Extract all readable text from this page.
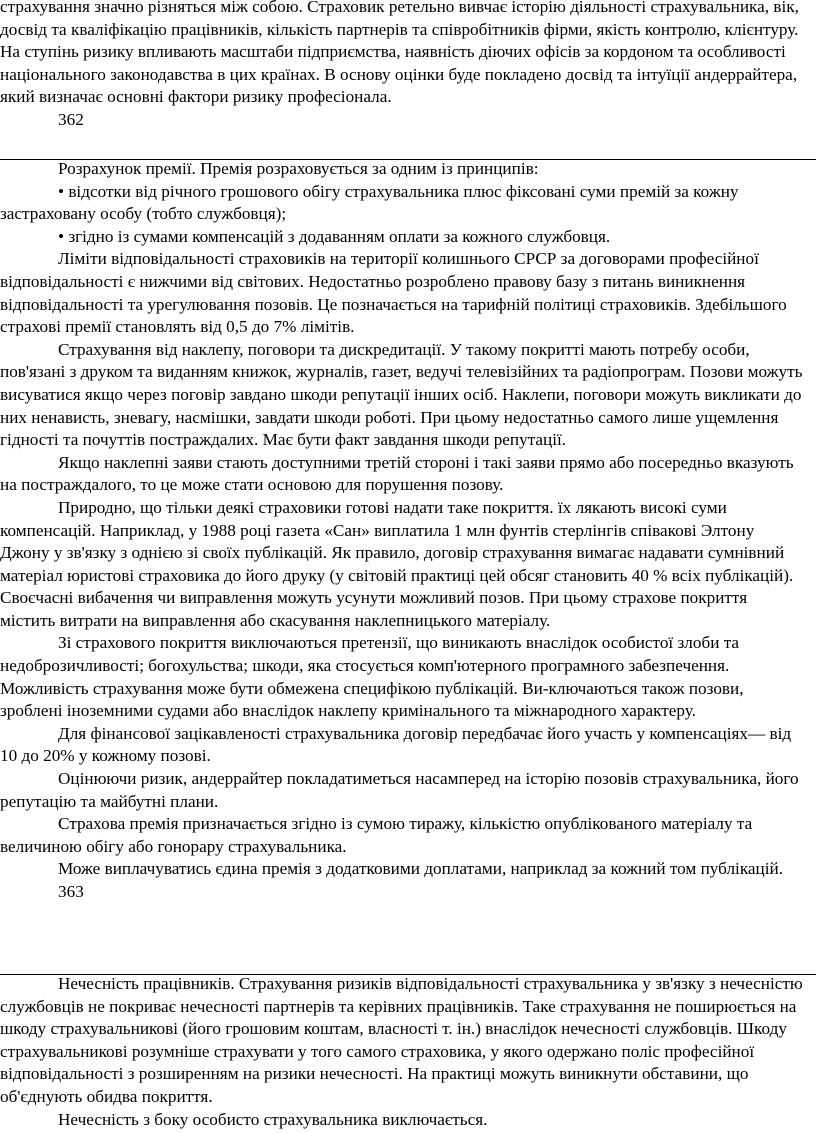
страхування значно різняться між собою. Страховик ретельно вивчає історію діяльності страхувальника, вік, досвід та кваліфікацію працівників, кількість партнерів та співробітників фірми, якість контролю, клієнтуру. На ступінь ризику впливають масштаби підприємства, наявність діючих офісів за кордоном та особливості національного законодавства в цих країнах. В основу оцінки буде покладено досвід та інтуїції андеррайтера, який визначає основні фактори ризику професіонала.

362

Розрахунок премії. Премія розраховується за одним із принципів:

• відсотки від річного грошового обігу страхувальника плюс фіксовані суми премій за кожну застраховану особу (тобто службовця);

• згідно із сумами компенсацій з додаванням оплати за кожного службовця.

Ліміти відповідальності страховиків на території колишнього СРСР за договорами професійної відповідальності є нижчими від світових. Недостатньо розроблено правову базу з питань виникнення відповідальності та урегулювання позовів. Це позначається на тарифній політиці страховиків. Здебільшого страхові премії становлять від 0,5 до 7% лімітів.

Страхування від наклепу, поговори та дискредитації. У такому покритті мають потребу особи, пов'язані з друком та виданням книжок, журналів, газет, ведучі телевізійних та радіопрограм. Позови можуть висуватися якщо через поговір завдано шкоди репутації інших осіб. Наклепи, поговори можуть викликати до них ненависть, зневагу, насмішки, завдати шкоди роботі. При цьому недостатньо самого лише ущемлення гідності та почуттів постраждалих. Має бути факт завдання шкоди репутації.

Якщо наклепні заяви стають доступними третій стороні і такі заяви прямо або посередньо вказують на постраждалого, то це може стати основою для порушення позову.

Природно, що тільки деякі страховики готові надати таке покриття. їх лякають високі суми компенсацій. Наприклад, у 1988 році газета «Сан» виплатила 1 млн фунтів стерлінгів співакові Элтону Джону у зв'язку з однією зі своїх публікацій. Як правило, договір страхування вимагає надавати сумнівний матеріал юристові страховика до його друку (у світовій практиці цей обсяг становить 40 % всіх публікацій). Своєчасні вибачення чи виправлення можуть усунути можливий позов. При цьому страхове покриття містить витрати на виправлення або скасування наклепницького матеріалу.

Зі страхового покриття виключаються претензії, що виникають внаслідок особистої злоби та недоброзичливості; богохульства; шкоди, яка стосується комп'ютерного програмного забезпечення. Можливість страхування може бути обмежена специфікою публікацій. Ви-ключаються також позови, зроблені іноземними судами або внаслідок наклепу кримінального та міжнародного характеру.

Для фінансової зацікавленості страхувальника договір передбачає його участь у компенсаціях— від 10 до 20% у кожному позові.

Оцінюючи ризик, андеррайтер покладатиметься насамперед на історію позовів страхувальника, його репутацію та майбутні плани.

Страхова премія призначається згідно із сумою тиражу, кількістю опублікованого матеріалу та величиною обігу або гонорару страхувальника.

Може виплачуватись єдина премія з додатковими доплатами, наприклад за кожний том публікацій.

363

Нечесність працівників. Страхування ризиків відповідальності страхувальника у зв'язку з нечесністю службовців не покриває нечесності партнерів та керівних працівників. Таке страхування не поширюється на шкоду страхувальникові (його грошовим коштам, власності т. ін.) внаслідок нечесності службовців. Шкоду страхувальникові розумніше страхувати у того самого страховика, у якого одержано поліс професійної відповідальності з розширенням на ризики нечесності. На практиці можуть виникнути обставини, що об'єднують обидва покриття.

Нечесність з боку особисто страхувальника виключається.
